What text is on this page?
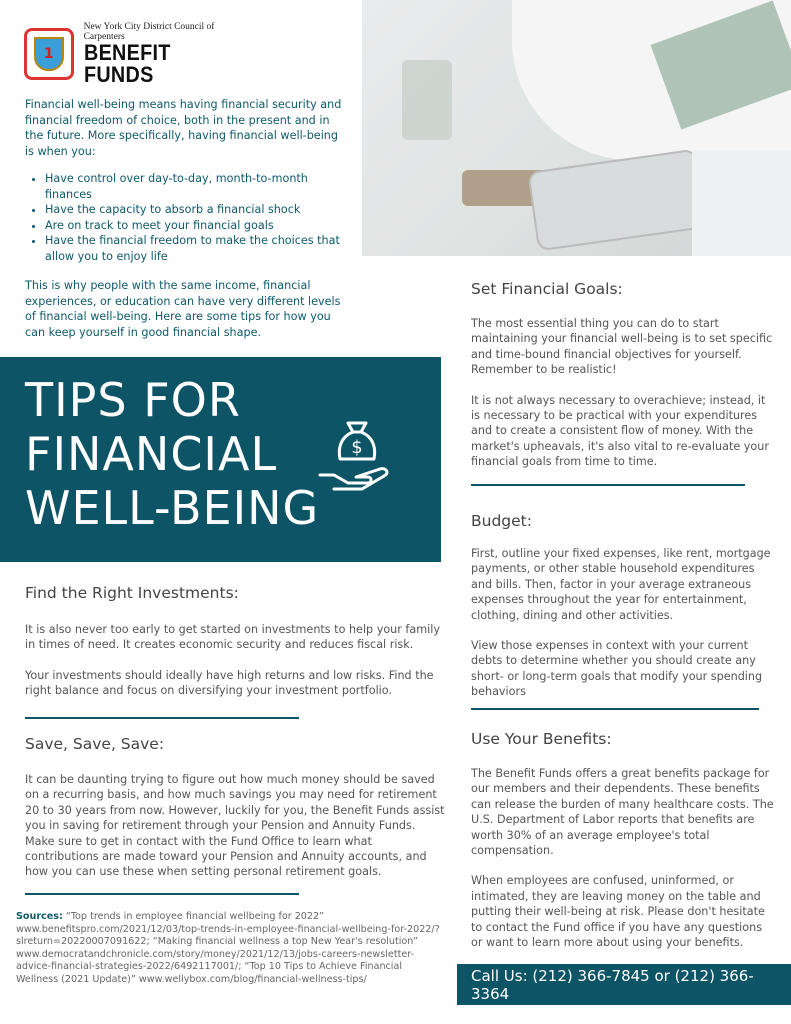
1
New York City District Council of Carpenters
BENEFIT FUNDS
Financial well-being means having financial security and financial freedom of choice, both in the present and in the future. More specifically, having financial well-being is when you:
• Have control over day-to-day, month-to-month finances
• Have the capacity to absorb a financial shock
• Are on track to meet your financial goals
• Have the financial freedom to make the choices that allow you to enjoy life
This is why people with the same income, financial experiences, or education can have very different levels of financial well-being. Here are some tips for how you can keep yourself in good financial shape.
TIPS FOR
FINANCIAL
WELL-BEING
$
Find the Right Investments:

It is also never too early to get started on investments to help your family in times of need. It creates economic security and reduces fiscal risk.

Your investments should ideally have high returns and low risks. Find the right balance and focus on diversifying your investment portfolio.

Save, Save, Save:

It can be daunting trying to figure out how much money should be saved on a recurring basis, and how much savings you may need for retirement 20 to 30 years from now. However, luckily for you, the Benefit Funds assist you in saving for retirement through your Pension and Annuity Funds. Make sure to get in contact with the Fund Office to learn what contributions are made toward your Pension and Annuity accounts, and how you can use these when setting personal retirement goals.

Sources: “Top trends in employee financial wellbeing for 2022” www.benefitspro.com/2021/12/03/top-trends-in-employee-financial-wellbeing-for-2022/?slreturn=20220007091622; “Making financial wellness a top New Year's resolution” www.democratandchronicle.com/story/money/2021/12/13/jobs-careers-newsletter-advice-financial-strategies-2022/6492117001/; “Top 10 Tips to Achieve Financial Wellness (2021 Update)” www.wellybox.com/blog/financial-wellness-tips/
Set Financial Goals:

The most essential thing you can do to start maintaining your financial well-being is to set specific and time-bound financial objectives for yourself. Remember to be realistic!

It is not always necessary to overachieve; instead, it is necessary to be practical with your expenditures and to create a consistent flow of money. With the market's upheavals, it's also vital to re-evaluate your financial goals from time to time.

Budget:

First, outline your fixed expenses, like rent, mortgage payments, or other stable household expenditures and bills. Then, factor in your average extraneous expenses throughout the year for entertainment, clothing, dining and other activities.

View those expenses in context with your current debts to determine whether you should create any short- or long-term goals that modify your spending behaviors

Use Your Benefits:

The Benefit Funds offers a great benefits package for our members and their dependents. These benefits can release the burden of many healthcare costs. The U.S. Department of Labor reports that benefits are worth 30% of an average employee's total compensation.

When employees are confused, uninformed, or intimated, they are leaving money on the table and putting their well-being at risk. Please don't hesitate to contact the Fund office if you have any questions or want to learn more about using your benefits.

Call Us: (212) 366-7845 or (212) 366-3364
